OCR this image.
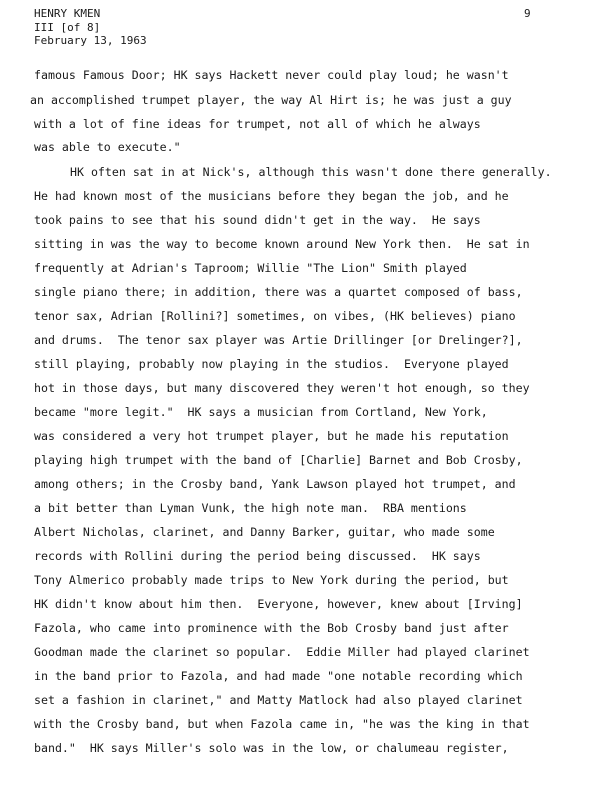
HENRY KMEN
III [of 8]
February 13, 1963
9
famous Famous Door; HK says Hackett never could play loud; he wasn't
an accomplished trumpet player, the way Al Hirt is; he was just a guy
with a lot of fine ideas for trumpet, not all of which he always
was able to execute."
HK often sat in at Nick's, although this wasn't done there generally.
He had known most of the musicians before they began the job, and he
took pains to see that his sound didn't get in the way.  He says
sitting in was the way to become known around New York then.  He sat in
frequently at Adrian's Taproom; Willie "The Lion" Smith played
single piano there; in addition, there was a quartet composed of bass,
tenor sax, Adrian [Rollini?] sometimes, on vibes, (HK believes) piano
and drums.  The tenor sax player was Artie Drillinger [or Drelinger?],
still playing, probably now playing in the studios.  Everyone played
hot in those days, but many discovered they weren't hot enough, so they
became "more legit."  HK says a musician from Cortland, New York,
was considered a very hot trumpet player, but he made his reputation
playing high trumpet with the band of [Charlie] Barnet and Bob Crosby,
among others; in the Crosby band, Yank Lawson played hot trumpet, and
a bit better than Lyman Vunk, the high note man.  RBA mentions
Albert Nicholas, clarinet, and Danny Barker, guitar, who made some
records with Rollini during the period being discussed.  HK says
Tony Almerico probably made trips to New York during the period, but
HK didn't know about him then.  Everyone, however, knew about [Irving]
Fazola, who came into prominence with the Bob Crosby band just after
Goodman made the clarinet so popular.  Eddie Miller had played clarinet
in the band prior to Fazola, and had made "one notable recording which
set a fashion in clarinet," and Matty Matlock had also played clarinet
with the Crosby band, but when Fazola came in, "he was the king in that
band."  HK says Miller's solo was in the low, or chalumeau register,
